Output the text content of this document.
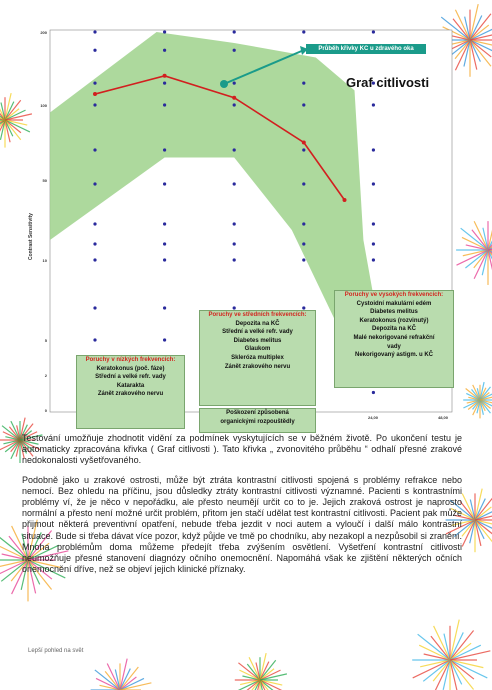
24,00	48,00
0
2
5
10
50
100
200
Contrast Sensitivity
Graf citlivosti
Průběh křivky KC u zdravého oka
Poruchy v nízkých frekvencích:
Keratokonus (poč. fáze)
Střední a velké refr. vady
Katarakta
Zánět zrakového nervu
Poruchy ve středních frekvencích:
Depozita na KČ
Střední a velké refr. vady
Diabetes melitus
Glaukom
Skleróza multiplex
Zánět zrakového nervu
Poškození způsobená
organickými rozpouštědly
Poruchy ve vysokých frekvencích:
Cystoidní makulární edém
Diabetes melitus
Keratokonus (rozvinutý)
Depozita na KČ
Malé nekorigované refrakční
vady
Nekorigovaný astigm. u KČ

Testování umožňuje zhodnotit vidění za podmínek vyskytujících se v běžném životě. Po ukončení testu je automaticky zpracována křivka ( Graf citlivosti ). Tato křivka „ zvonovitého průběhu “ odhalí přesné zrakové nedokonalosti vyšetřovaného.

Podobně jako u zrakové ostrosti, může být ztráta kontrastní citlivosti spojená s problémy refrakce nebo nemocí. Bez ohledu na příčinu, jsou důsledky ztráty kontrastní citlivosti významné. Pacienti s kontrastními problémy ví, že je něco v nepořádku, ale přesto neumějí určit co to je. Jejich zraková ostrost je naprosto normální a přesto není možné určit problém, přitom jen stačí udělat test kontrastní citlivosti. Pacient pak může přijmout některá preventivní opatření, nebude třeba jezdit v noci autem a vyloučí i další málo kontrastní situace. Bude si třeba dávat více pozor, když půjde ve tmě po chodníku, aby nezakopl a nezpůsobil si zranění. Mnoha problémům doma můžeme předejít třeba zvýšením osvětlení. Vyšetření kontrastní citlivosti neumožňuje přesné stanovení diagnózy očního onemocnění. Napomáhá však ke zjištění některých očních onemocnění dříve, než se objeví jejich klinické příznaky.

Lepší pohled na svět
